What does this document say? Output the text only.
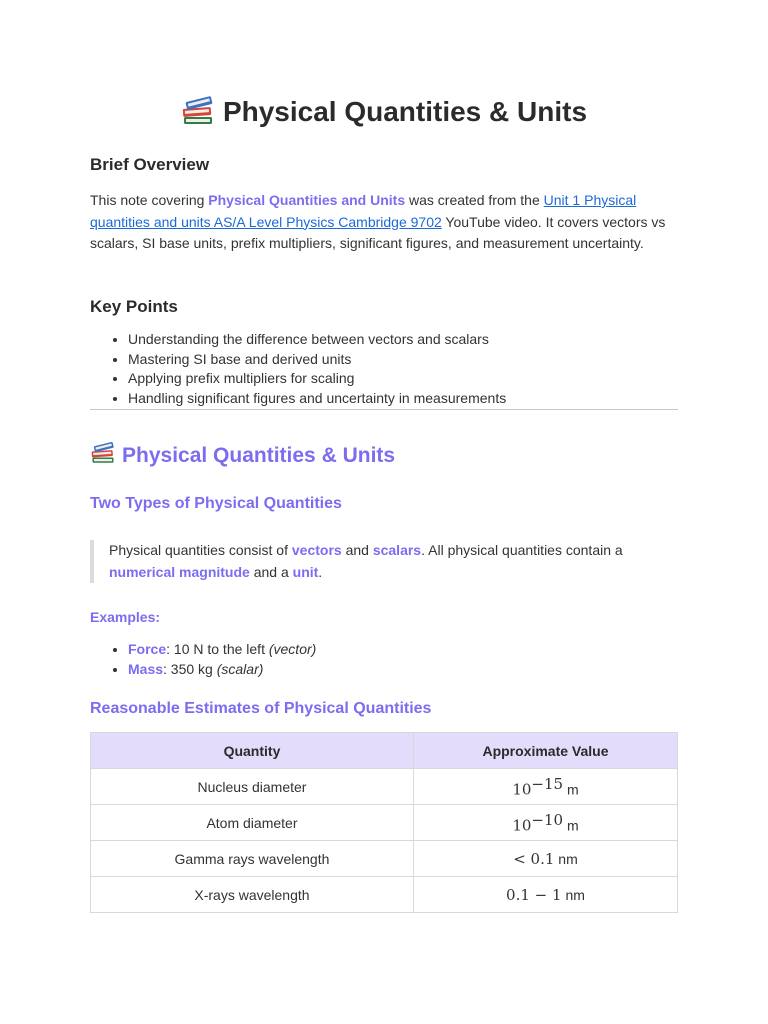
Physical Quantities & Units
Brief Overview

This note covering Physical Quantities and Units was created from the Unit 1 Physical quantities and units AS/A Level Physics Cambridge 9702 YouTube video. It covers vectors vs scalars, SI base units, prefix multipliers, significant figures, and measurement uncertainty.

Key Points
• Understanding the difference between vectors and scalars
• Mastering SI base and derived units
• Applying prefix multipliers for scaling
• Handling significant figures and uncertainty in measurements
Physical Quantities & Units
Two Types of Physical Quantities
Physical quantities consist of vectors and scalars. All physical quantities contain a numerical magnitude and a unit.

Examples:

• Force: 10 N to the left (vector)
• Mass: 350 kg (scalar)
Reasonable Estimates of Physical Quantities
Quantity	Approximate Value
Nucleus diameter	$10^{-15}$ m
Atom diameter	$10^{-10}$ m
Gamma rays wavelength	< 0.1 nm
X-rays wavelength	0.1 − 1 nm
